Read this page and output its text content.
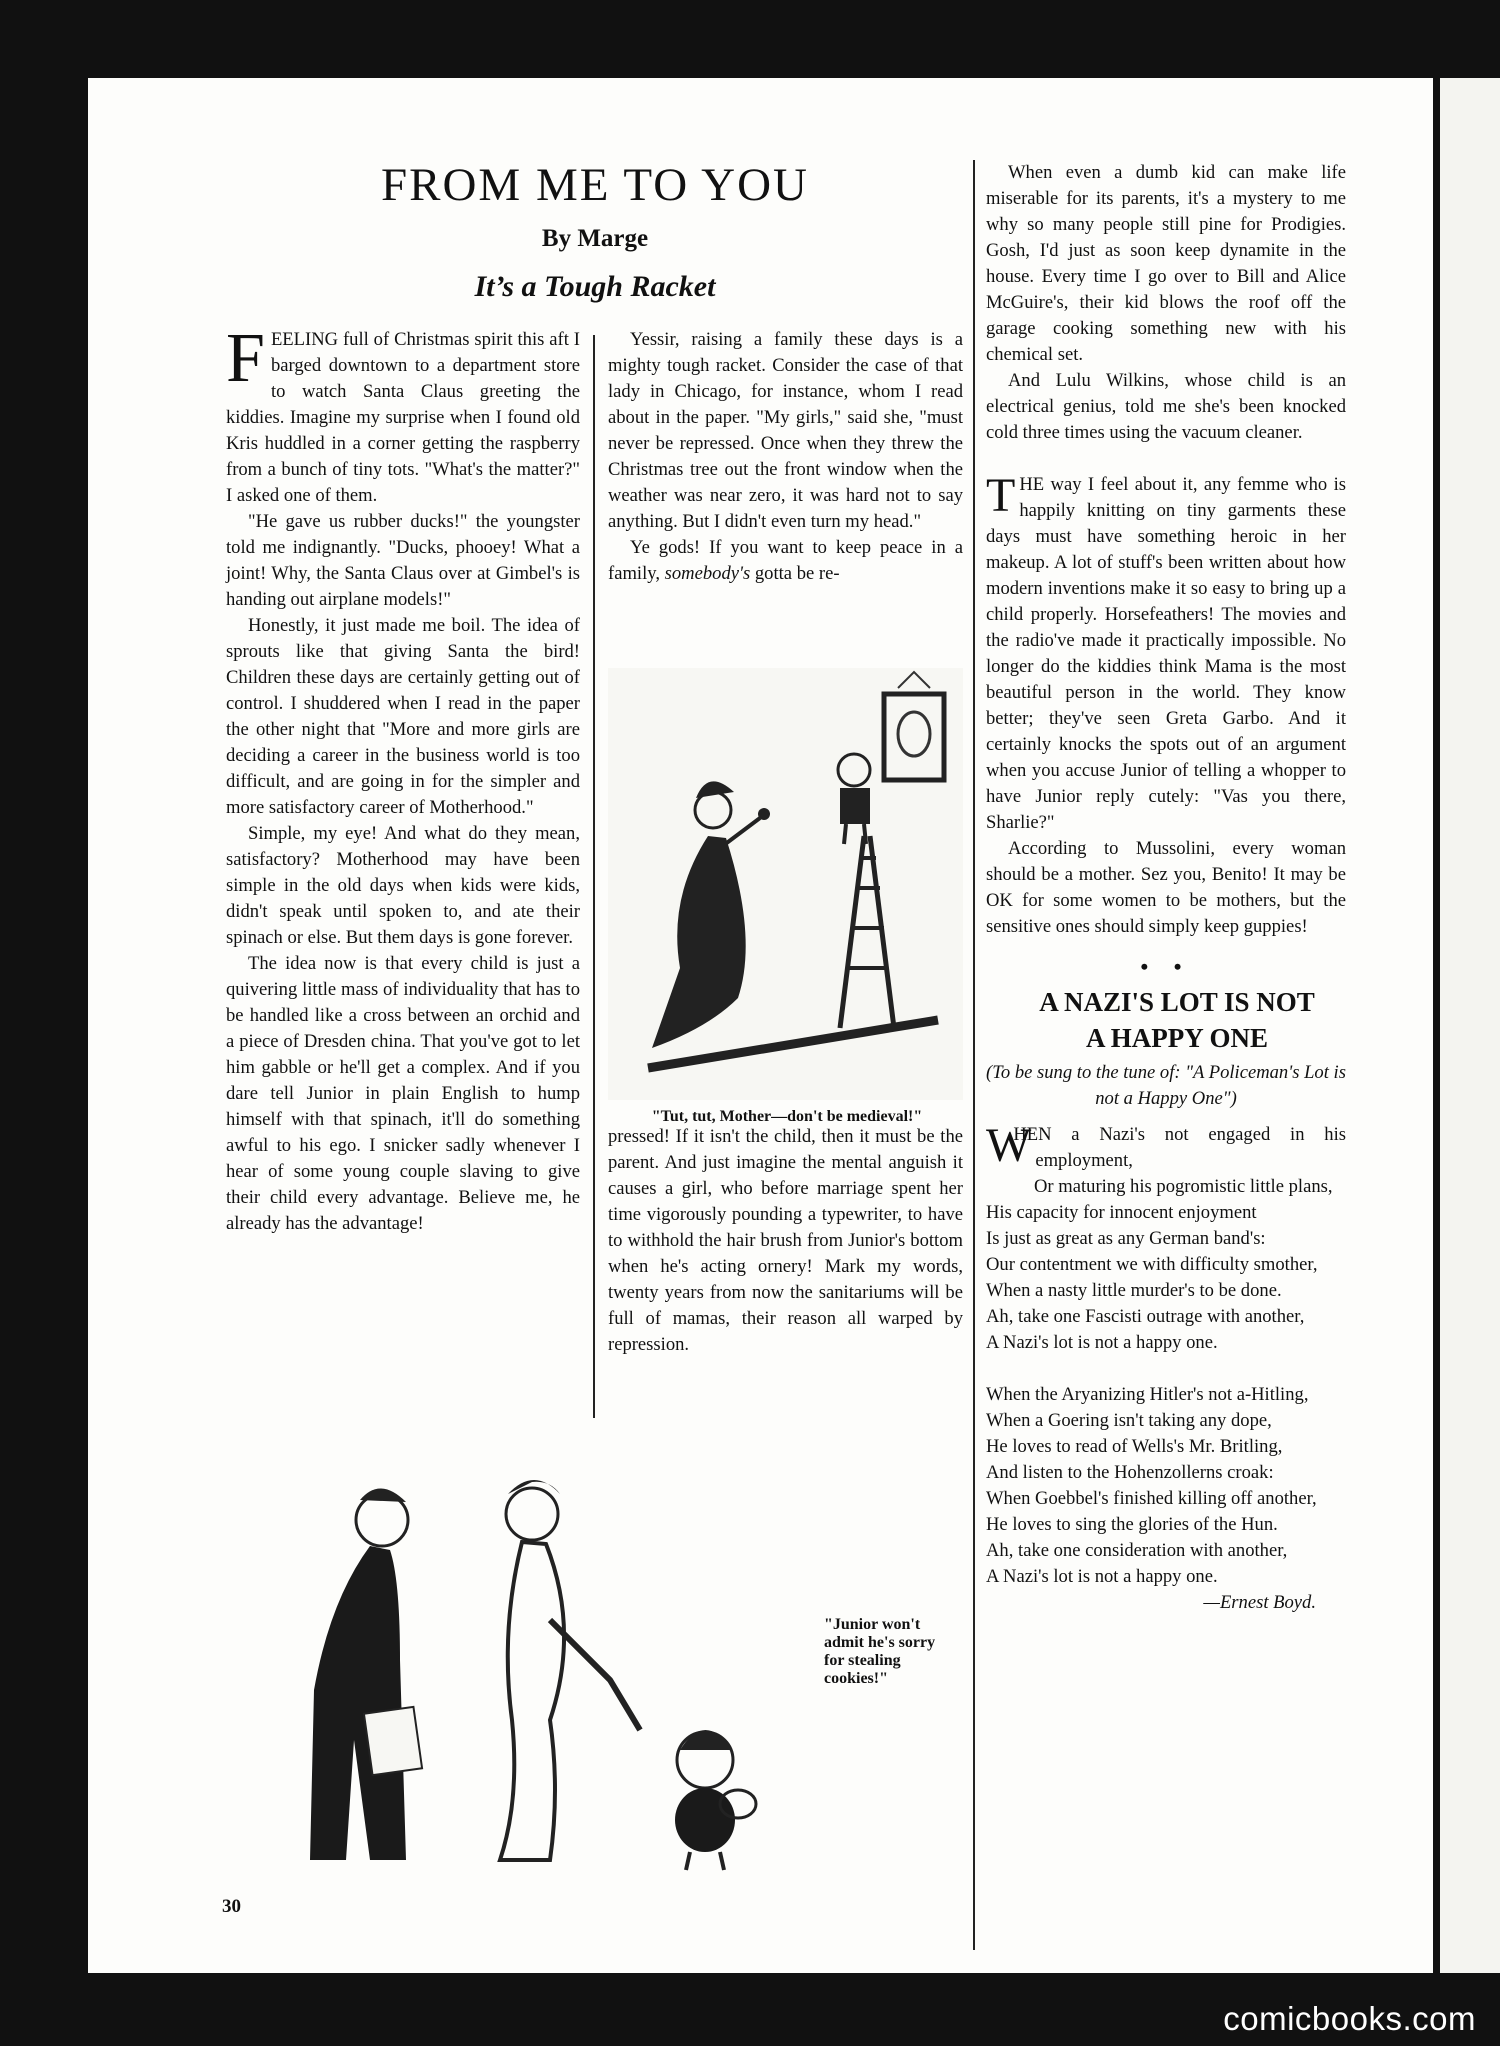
FROM ME TO YOU
By Marge
It’s a Tough Racket

FEELING full of Christmas spirit this aft I barged downtown to a department store to watch Santa Claus greeting the kiddies. Imagine my surprise when I found old Kris huddled in a corner getting the raspberry from a bunch of tiny tots. "What's the matter?" I asked one of them.

"He gave us rubber ducks!" the youngster told me indignantly. "Ducks, phooey! What a joint! Why, the Santa Claus over at Gimbel's is handing out airplane models!"

Honestly, it just made me boil. The idea of sprouts like that giving Santa the bird! Children these days are certainly getting out of control. I shuddered when I read in the paper the other night that "More and more girls are deciding a career in the business world is too difficult, and are going in for the simpler and more satisfactory career of Motherhood."

Simple, my eye! And what do they mean, satisfactory? Motherhood may have been simple in the old days when kids were kids, didn't speak until spoken to, and ate their spinach or else. But them days is gone forever.

The idea now is that every child is just a quivering little mass of individuality that has to be handled like a cross between an orchid and a piece of Dresden china. That you've got to let him gabble or he'll get a complex. And if you dare tell Junior in plain English to hump himself with that spinach, it'll do something awful to his ego. I snicker sadly whenever I hear of some young couple slaving to give their child every advantage. Believe me, he already has the advantage!

Yessir, raising a family these days is a mighty tough racket. Consider the case of that lady in Chicago, for instance, whom I read about in the paper. "My girls," said she, "must never be repressed. Once when they threw the Christmas tree out the front window when the weather was near zero, it was hard not to say anything. But I didn't even turn my head."

Ye gods! If you want to keep peace in a family, somebody's gotta be re-

"Tut, tut, Mother—don't be medieval!"

pressed! If it isn't the child, then it must be the parent. And just imagine the mental anguish it causes a girl, who before marriage spent her time vigorously pounding a typewriter, to have to withhold the hair brush from Junior's bottom when he's acting ornery! Mark my words, twenty years from now the sanitariums will be full of mamas, their reason all warped by repression.

When even a dumb kid can make life miserable for its parents, it's a mystery to me why so many people still pine for Prodigies. Gosh, I'd just as soon keep dynamite in the house. Every time I go over to Bill and Alice McGuire's, their kid blows the roof off the garage cooking something new with his chemical set.

And Lulu Wilkins, whose child is an electrical genius, told me she's been knocked cold three times using the vacuum cleaner.

THE way I feel about it, any femme who is happily knitting on tiny garments these days must have something heroic in her makeup. A lot of stuff's been written about how modern inventions make it so easy to bring up a child properly. Horsefeathers! The movies and the radio've made it practically impossible. No longer do the kiddies think Mama is the most beautiful person in the world. They know better; they've seen Greta Garbo. And it certainly knocks the spots out of an argument when you accuse Junior of telling a whopper to have Junior reply cutely: "Vas you there, Sharlie?"

According to Mussolini, every woman should be a mother. Sez you, Benito! It may be OK for some women to be mothers, but the sensitive ones should simply keep guppies!

• •

A NAZI'S LOT IS NOT

A HAPPY ONE

(To be sung to the tune of: "A Policeman's Lot is not a Happy One")
W
HEN a Nazi's not engaged in his employment,
Or maturing his pogromistic little plans,
His capacity for innocent enjoyment
Is just as great as any German band's:
Our contentment we with difficulty smother,
When a nasty little murder's to be done.
Ah, take one Fascisti outrage with another,
A Nazi's lot is not a happy one.
When the Aryanizing Hitler's not a-Hitling,
When a Goering isn't taking any dope,
He loves to read of Wells's Mr. Britling,
And listen to the Hohenzollerns croak:
When Goebbel's finished killing off another,
He loves to sing the glories of the Hun.
Ah, take one consideration with another,
A Nazi's lot is not a happy one.
—Ernest Boyd.
"Junior won't admit he's sorry for stealing cookies!"
30
comicbooks.com
